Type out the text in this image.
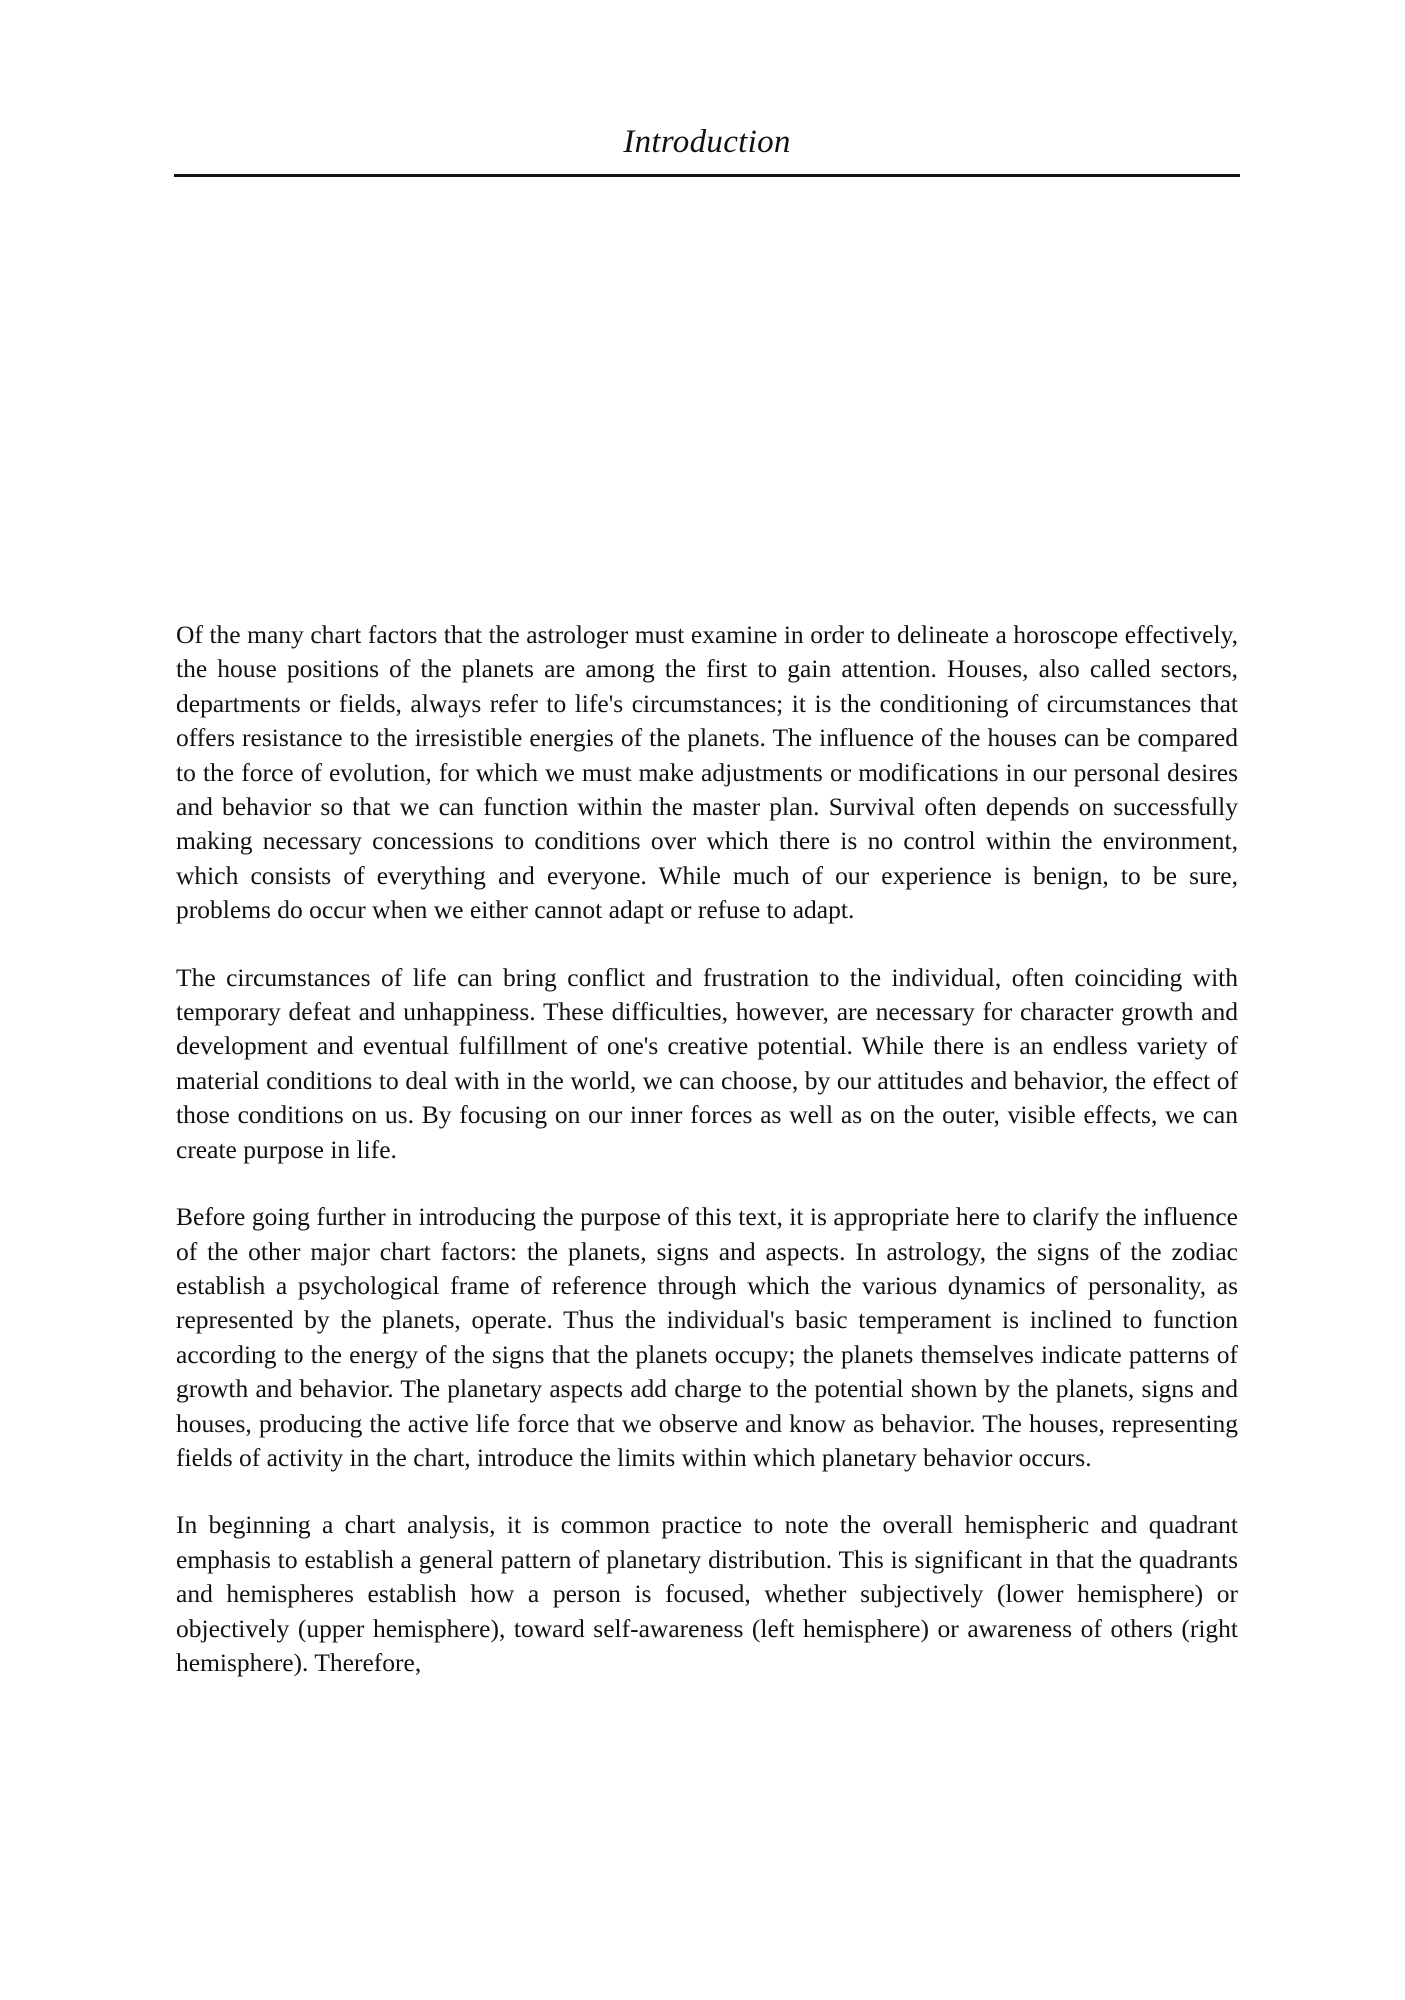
Introduction

Of the many chart factors that the astrologer must examine in order to delineate a horoscope effectively, the house positions of the planets are among the first to gain attention. Houses, also called sectors, departments or fields, always refer to life's circumstances; it is the conditioning of circumstances that offers resistance to the irresistible energies of the planets. The influence of the houses can be compared to the force of evolution, for which we must make adjustments or modifications in our personal desires and behavior so that we can function within the master plan. Survival often depends on successfully making necessary concessions to conditions over which there is no control within the environment, which consists of everything and everyone. While much of our experience is benign, to be sure, problems do occur when we either cannot adapt or refuse to adapt.

The circumstances of life can bring conflict and frustration to the individual, often coinciding with temporary defeat and unhappiness. These difficulties, however, are necessary for character growth and development and eventual fulfillment of one's creative potential. While there is an endless variety of material conditions to deal with in the world, we can choose, by our attitudes and behavior, the effect of those conditions on us. By focusing on our inner forces as well as on the outer, visible effects, we can create purpose in life.

Before going further in introducing the purpose of this text, it is appropriate here to clarify the influence of the other major chart factors: the planets, signs and aspects. In astrology, the signs of the zodiac establish a psychological frame of reference through which the various dynamics of personality, as represented by the planets, operate. Thus the individual's basic temperament is inclined to function according to the energy of the signs that the planets occupy; the planets themselves indicate patterns of growth and behavior. The planetary aspects add charge to the potential shown by the planets, signs and houses, producing the active life force that we observe and know as behavior. The houses, representing fields of activity in the chart, introduce the limits within which planetary behavior occurs.

In beginning a chart analysis, it is common practice to note the overall hemispheric and quadrant emphasis to establish a general pattern of planetary distribution. This is significant in that the quadrants and hemispheres establish how a person is focused, whether subjectively (lower hemisphere) or objectively (upper hemisphere), toward self-awareness (left hemisphere) or awareness of others (right hemisphere). Therefore,
